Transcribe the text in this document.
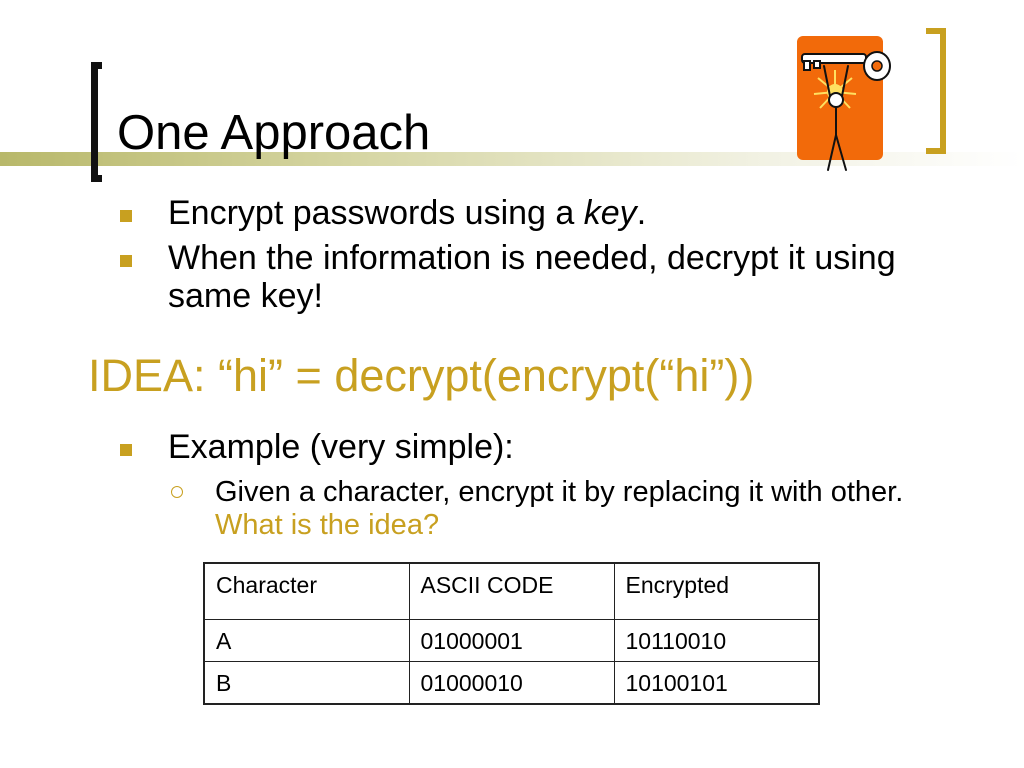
One Approach
Encrypt passwords using a key.
When the information is needed, decrypt it using same key!
IDEA: “hi” = decrypt(encrypt(“hi”))
Example (very simple):
Given a character, encrypt it by replacing it with other. What is the idea?
Character	ASCII CODE	Encrypted
A	01000001	10110010
B	01000010	10100101
